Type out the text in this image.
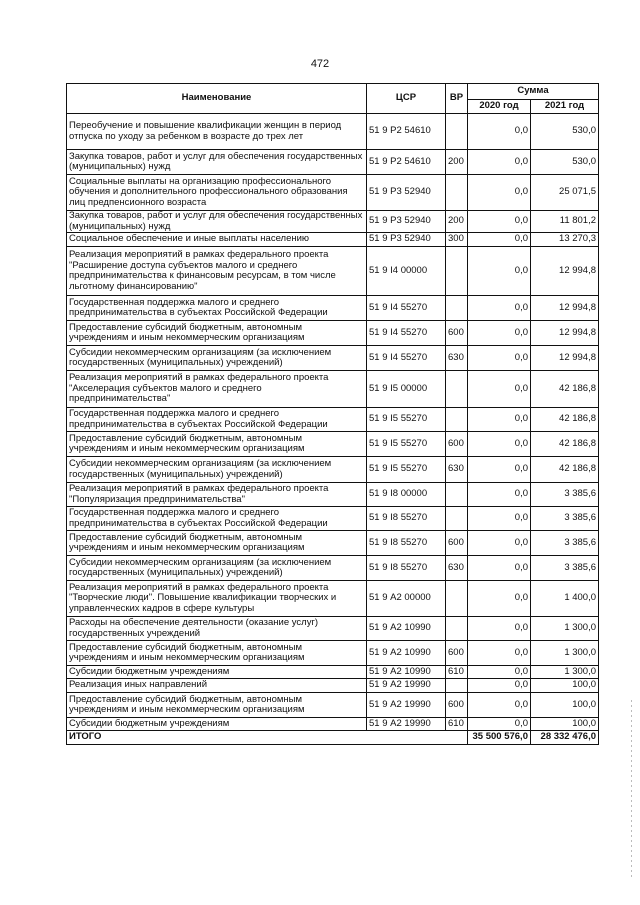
472
Наименование	ЦСР	ВР	Сумма	
			2020 год	2021 год
Переобучение и повышение квалификации женщин в период отпуска по уходу за ребенком в возрасте до трех лет	51 9 Р2 54610		0,0	530,0
Закупка товаров, работ и услуг для обеспечения государственных (муниципальных) нужд	51 9 Р2 54610	200	0,0	530,0
Социальные выплаты на организацию профессионального обучения и дополнительного профессионального образования лиц предпенсионного возраста	51 9 Р3 52940		0,0	25 071,5
Закупка товаров, работ и услуг для обеспечения государственных (муниципальных) нужд	51 9 Р3 52940	200	0,0	11 801,2
Социальное обеспечение и иные выплаты населению	51 9 Р3 52940	300	0,0	13 270,3
Реализация мероприятий в рамках федерального проекта "Расширение доступа субъектов малого и среднего предпринимательства к финансовым ресурсам, в том числе льготному финансированию"	51 9 I4 00000		0,0	12 994,8
Государственная поддержка малого и среднего предпринимательства в субъектах Российской Федерации	51 9 I4 55270		0,0	12 994,8
Предоставление субсидий бюджетным, автономным учреждениям и иным некоммерческим организациям	51 9 I4 55270	600	0,0	12 994,8
Субсидии некоммерческим организациям (за исключением государственных (муниципальных) учреждений)	51 9 I4 55270	630	0,0	12 994,8
Реализация мероприятий в рамках федерального проекта "Акселерация субъектов малого и среднего предпринимательства"	51 9 I5 00000		0,0	42 186,8
Государственная поддержка малого и среднего предпринимательства в субъектах Российской Федерации	51 9 I5 55270		0,0	42 186,8
Предоставление субсидий бюджетным, автономным учреждениям и иным некоммерческим организациям	51 9 I5 55270	600	0,0	42 186,8
Субсидии некоммерческим организациям (за исключением государственных (муниципальных) учреждений)	51 9 I5 55270	630	0,0	42 186,8
Реализация мероприятий в рамках федерального проекта "Популяризация предпринимательства"	51 9 I8 00000		0,0	3 385,6
Государственная поддержка малого и среднего предпринимательства в субъектах Российской Федерации	51 9 I8 55270		0,0	3 385,6
Предоставление субсидий бюджетным, автономным учреждениям и иным некоммерческим организациям	51 9 I8 55270	600	0,0	3 385,6
Субсидии некоммерческим организациям (за исключением государственных (муниципальных) учреждений)	51 9 I8 55270	630	0,0	3 385,6
Реализация мероприятий в рамках федерального проекта "Творческие люди". Повышение квалификации творческих и управленческих кадров в сфере культуры	51 9 А2 00000		0,0	1 400,0
Расходы на обеспечение деятельности (оказание услуг) государственных учреждений	51 9 А2 10990		0,0	1 300,0
Предоставление субсидий бюджетным, автономным учреждениям и иным некоммерческим организациям	51 9 А2 10990	600	0,0	1 300,0
Субсидии бюджетным учреждениям	51 9 А2 10990	610	0,0	1 300,0
Реализация иных направлений	51 9 А2 19990		0,0	100,0
Предоставление субсидий бюджетным, автономным учреждениям и иным некоммерческим организациям	51 9 А2 19990	600	0,0	100,0
Субсидии бюджетным учреждениям	51 9 А2 19990	610	0,0	100,0
ИТОГО			35 500 576,0	28 332 476,0
